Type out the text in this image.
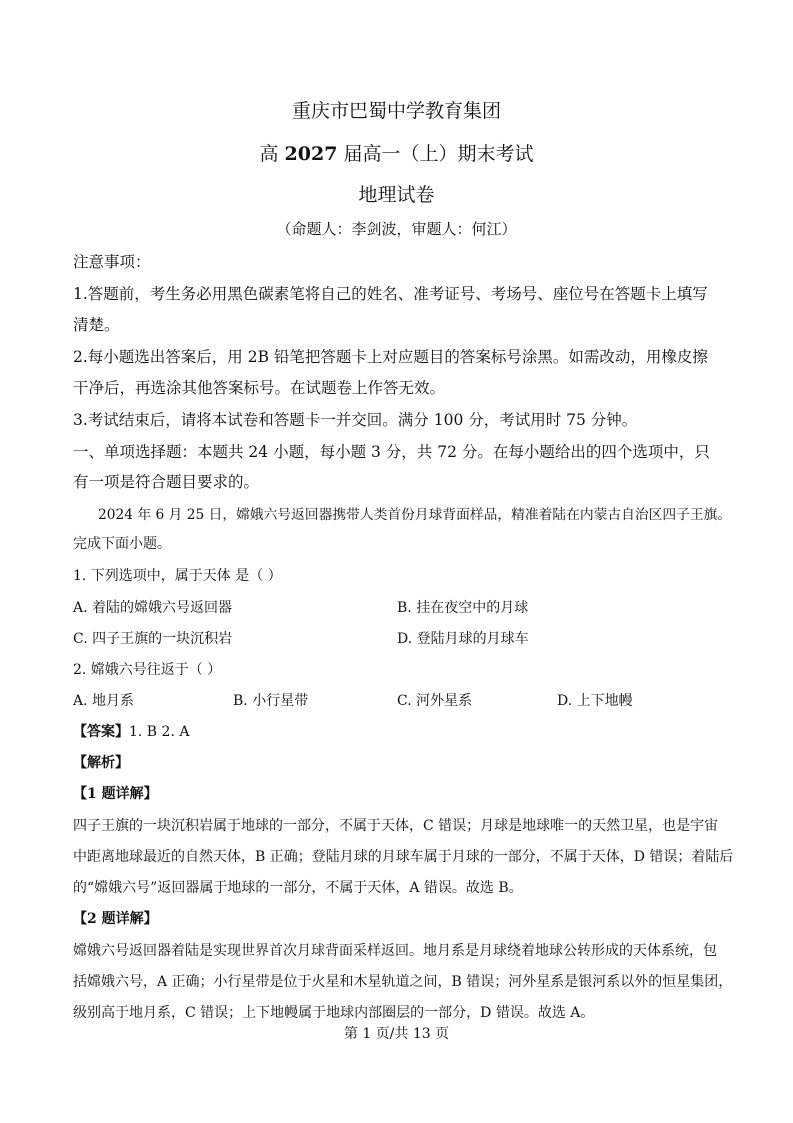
重庆市巴蜀中学教育集团
高 2027 届高一（上）期末考试
地理试卷
（命题人：李剑波，审题人：何江）
注意事项：
1.答题前，考生务必用黑色碳素笔将自己的姓名、准考证号、考场号、座位号在答题卡上填写
清楚。
2.每小题选出答案后，用 2B 铅笔把答题卡上对应题目的答案标号涂黑。如需改动，用橡皮擦
干净后，再选涂其他答案标号。在试题卷上作答无效。
3.考试结束后，请将本试卷和答题卡一并交回。满分 100 分，考试用时 75 分钟。
一、单项选择题：本题共 24 小题，每小题 3 分，共 72 分。在每小题给出的四个选项中，只
有一项是符合题目要求的。
2024 年 6 月 25 日，嫦娥六号返回器携带人类首份月球背面样品，精准着陆在内蒙古自治区四子王旗。
完成下面小题。
1. 下列选项中，属于天体 是（ ）
A. 着陆的嫦娥六号返回器	B. 挂在夜空中的月球
C. 四子王旗的一块沉积岩	D. 登陆月球的月球车
2. 嫦娥六号往返于（ ）
A. 地月系	B. 小行星带	C. 河外星系	D. 上下地幔
【答案】1. B 2. A
【解析】
【1 题详解】
四子王旗的一块沉积岩属于地球的一部分，不属于天体，C 错误；月球是地球唯一的天然卫星，也是宇宙
中距离地球最近的自然天体，B 正确；登陆月球的月球车属于月球的一部分，不属于天体，D 错误；着陆后
的“嫦娥六号”返回器属于地球的一部分，不属于天体，A 错误。故选 B。
【2 题详解】
嫦娥六号返回器着陆是实现世界首次月球背面采样返回。地月系是月球绕着地球公转形成的天体系统，包
括嫦娥六号，A 正确；小行星带是位于火星和木星轨道之间，B 错误；河外星系是银河系以外的恒星集团，
级别高于地月系，C 错误；上下地幔属于地球内部圈层的一部分，D 错误。故选 A。
第 1 页/共 13 页
